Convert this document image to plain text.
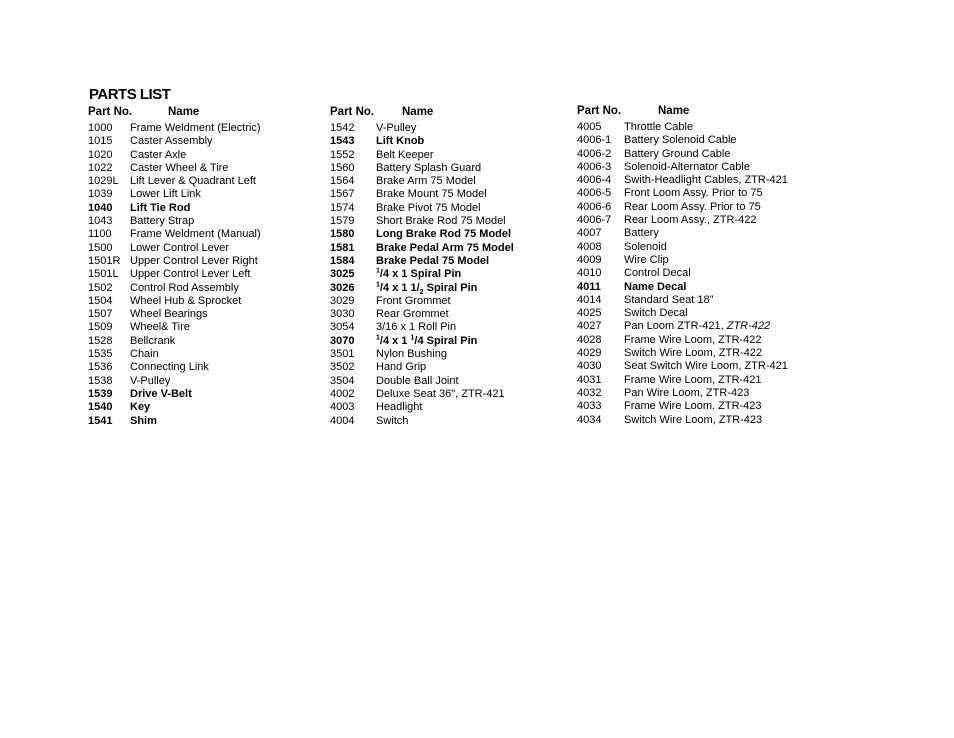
PARTS LIST
Part No.	Name
1000 Frame Weldment (Electric)
1015 Caster Assembly
1020 Caster Axle
1022 Caster Wheel & Tire
1029L Lift Lever & Quadrant Left
1039 Lower Lift Link
1040 Lift Tie Rod
1043 Battery Strap
1100 Frame Weldment (Manual)
1500 Lower Control Lever
1501R Upper Control Lever Right
1501L Upper Control Lever Left
1502 Control Rod Assembly
1504 Wheel Hub & Sprocket
1507 Wheel Bearings
1509 Wheel& Tire
1528 Bellcrank
1535 Chain
1536 Connecting Link
1538 V-Pulley
1539 Drive V-Belt
1540 Key
1541 Shim
Part No. Name
1542 V-Pulley
1543 Lift Knob
1552 Belt Keeper
1560 Battery Splash Guard
1564 Brake Arm 75 Model
1567 Brake Mount 75 Model
1574 Brake Pivot 75 Model
1579 Short Brake Rod 75 Model
1580 Long Brake Rod 75 Model
1581 Brake Pedal Arm 75 Model
1584 Brake Pedal 75 Model
3025	$^1$/4 x 1 Spiral Pin
3026	$^1$/4 x 1 $1/_2$ Spiral Pin
3029 Front Grommet
3030 Rear Grommet
3054 3/16 x 1 Roll Pin
3070	$^1$/4 x 1 $^1$/4 Spiral Pin
3501 Nylon Bushing
3502 Hand Grip
3504 Double Ball Joint
4002 Deluxe Seat 36", ZTR-421
4003 Headlight
4004 Switch
Part No.	Name
4005 Throttle Cable
4006-1 Battery Solenoid Cable
4006-2 Battery Ground Cable
4006-3 Solenoid-Alternator Cable
4006-4 Swith-Headlight Cables, ZTR-421
4006-5 Front Loom Assy. Prior to 75
4006-6 Rear Loom Assy. Prior to 75
4006-7 Rear Loom Assy., ZTR-422
4007 Battery
4008 Solenoid
4009 Wire Clip
4010 Control Decal
4011 Name Decal
4014 Standard Seat 18"
4025 Switch Decal
4027 Pan Loom ZTR-421, ZTR-422
4028 Frame Wire Loom, ZTR-422
4029 Switch Wire Loom, ZTR-422
4030 Seat Switch Wire Loom, ZTR-421
4031 Frame Wire Loom, ZTR-421
4032 Pan Wire Loom, ZTR-423
4033 Frame Wire Loom. ZTR-423
4034 Switch Wire Loom, ZTR-423
